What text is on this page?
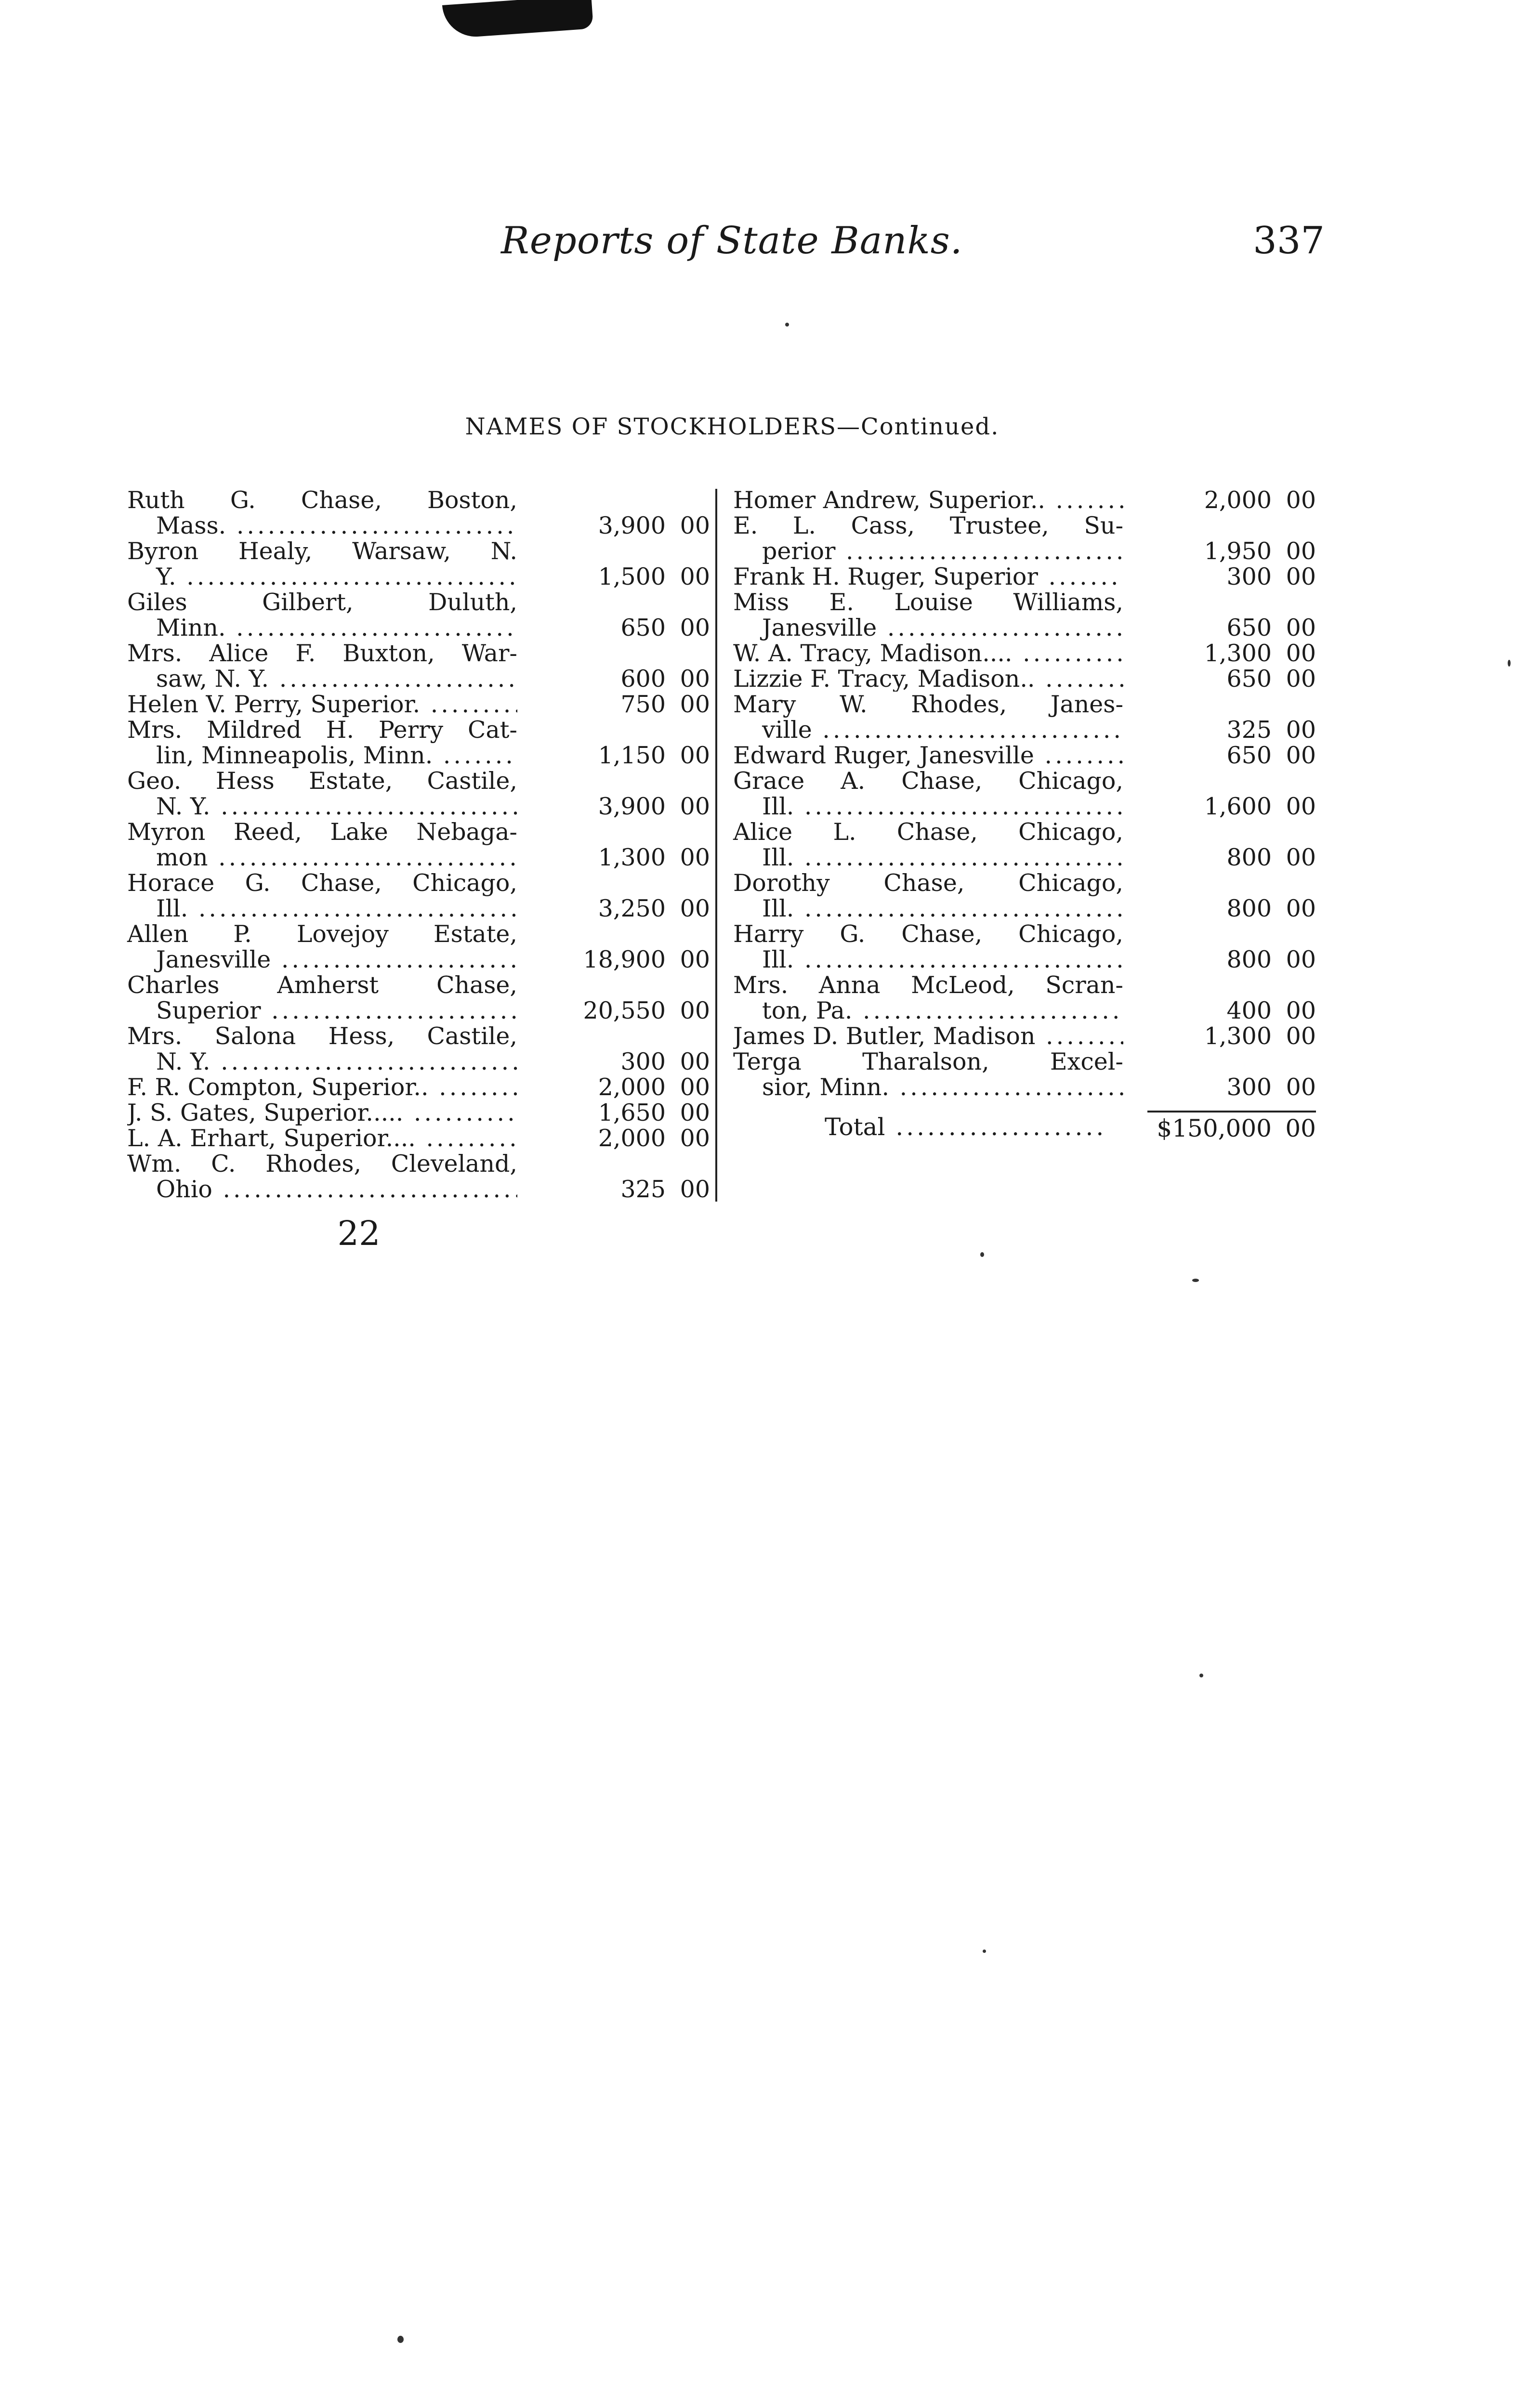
Reports of State Banks.	337
NAMES OF STOCKHOLDERS—Continued.
Ruth G. Chase, Boston,
Mass. .....	3,900 00
Byron Healy, Warsaw, N.
Y. .....	1,500 00
Giles Gilbert, Duluth,
Minn. .....	650 00
Mrs. Alice F. Buxton, War-
saw, N. Y. .....	600 00
Helen V. Perry, Superior. .....	750 00
Mrs. Mildred H. Perry Cat-
lin, Minneapolis, Minn. .....	1,150 00
Geo. Hess Estate, Castile,
N. Y. .....	3,900 00
Myron Reed, Lake Nebaga-
mon .....	1,300 00
Horace G. Chase, Chicago,
Ill. .....	3,250 00
Allen P. Lovejoy Estate,
Janesville .....	18,900 00
Charles Amherst Chase,
Superior .....	20,550 00
Mrs. Salona Hess, Castile,
N. Y. .....	300 00
F. R. Compton, Superior.. .....	2,000 00
J. S. Gates, Superior..... .....	1,650 00
L. A. Erhart, Superior.... .....	2,000 00
Wm. C. Rhodes, Cleveland,
Ohio .....	325 00
Homer Andrew, Superior.. .....	2,000 00
E. L. Cass, Trustee, Su-
perior .....	1,950 00
Frank H. Ruger, Superior .....	300 00
Miss E. Louise Williams,
Janesville .....	650 00
W. A. Tracy, Madison.... .....	1,300 00
Lizzie F. Tracy, Madison.. .....	650 00
Mary W. Rhodes, Janes-
ville .....	325 00
Edward Ruger, Janesville .....	650 00
Grace A. Chase, Chicago,
Ill. .....	1,600 00
Alice L. Chase, Chicago,
Ill. .....	800 00
Dorothy Chase, Chicago,
Ill. .....	800 00
Harry G. Chase, Chicago,
Ill. .....	800 00
Mrs. Anna McLeod, Scran-
ton, Pa. .....	400 00
James D. Butler, Madison .....	1,300 00
Terga Tharalson, Excel-
sior, Minn. .....	300 00
Total .....	$150,000 00
22
